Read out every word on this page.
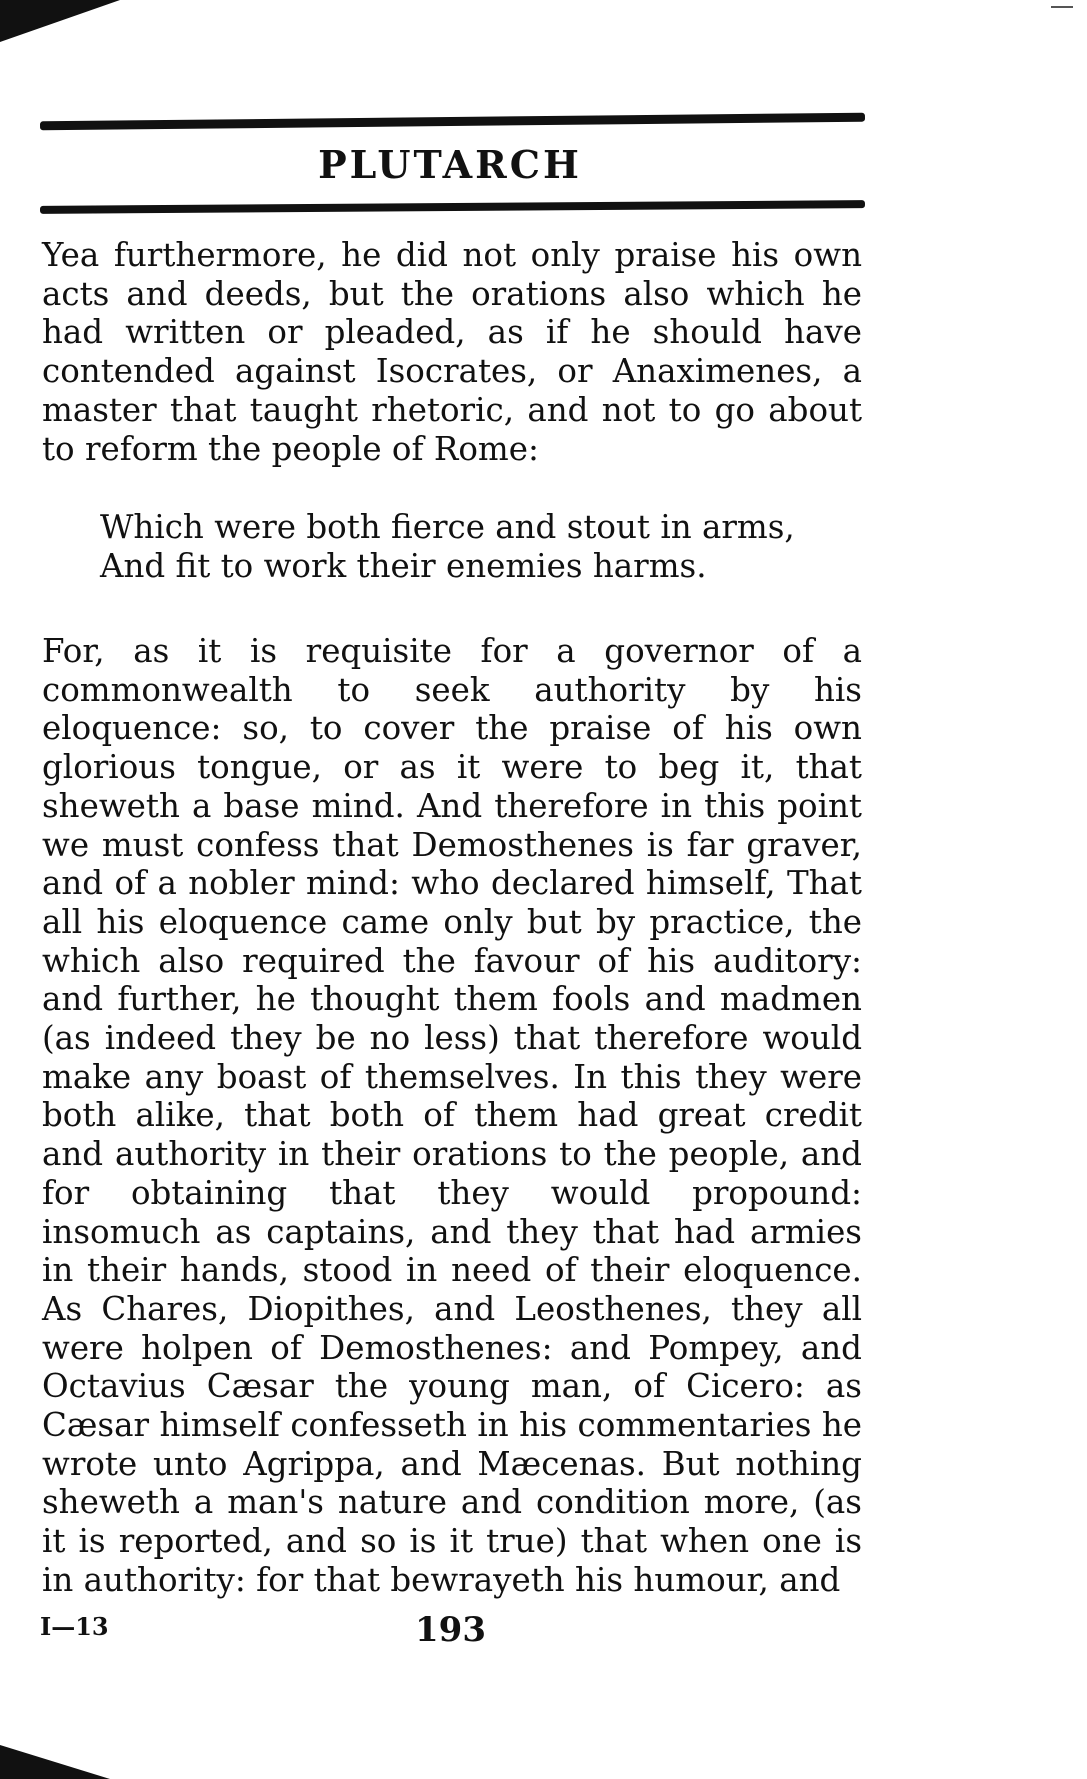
PLUTARCH

Yea furthermore, he did not only praise his own acts and deeds, but the orations also which he had written or pleaded, as if he should have contended against Isocrates, or Anaximenes, a master that taught rhetoric, and not to go about to reform the people of Rome:

Which were both fierce and stout in arms,
And fit to work their enemies harms.

For, as it is requisite for a governor of a commonwealth to seek authority by his eloquence: so, to cover the praise of his own glorious tongue, or as it were to beg it, that sheweth a base mind. And therefore in this point we must confess that Demosthenes is far graver, and of a nobler mind: who declared himself, That all his eloquence came only but by practice, the which also required the favour of his auditory: and further, he thought them fools and madmen (as indeed they be no less) that therefore would make any boast of themselves. In this they were both alike, that both of them had great credit and authority in their orations to the people, and for obtaining that they would propound: insomuch as captains, and they that had armies in their hands, stood in need of their eloquence. As Chares, Diopithes, and Leosthenes, they all were holpen of Demosthenes: and Pompey, and Octavius Cæsar the young man, of Cicero: as Cæsar himself confesseth in his commentaries he wrote unto Agrippa, and Mæcenas. But nothing sheweth a man's nature and condition more, (as it is reported, and so is it true) that when one is in authority: for that bewrayeth his humour, and

I—13	193
